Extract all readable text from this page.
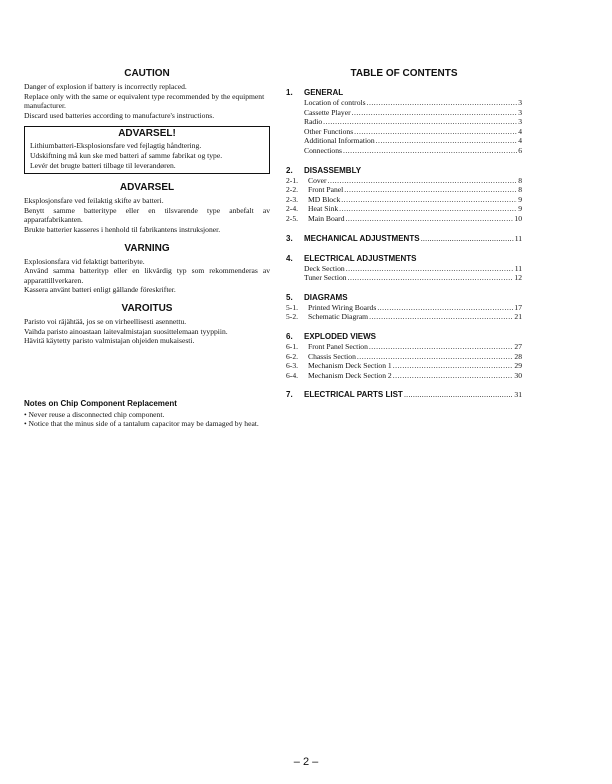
CAUTION

Danger of explosion if battery is incorrectly replaced.

Replace only with the same or equivalent type recommended by the equipment manufacturer.

Discard used batteries according to manufacture's instructions.

ADVARSEL!

Lithiumbatteri-Eksplosionsfare ved fejlagtig håndtering.

Udskiftning må kun ske med batteri af samme fabrikat og type.

Levér det brugte batteri tilbage til leverandøren.

ADVARSEL

Eksplosjonsfare ved feilaktig skifte av batteri.

Benytt samme batteritype eller en tilsvarende type anbefalt av apparatfabrikanten.

Brukte batterier kasseres i henhold til fabrikantens instruksjoner.

VARNING

Explosionsfara vid felaktigt batteribyte.

Använd samma batterityp eller en likvärdig typ som rekommenderas av apparattillverkaren.

Kassera använt batteri enligt gällande föreskrifter.

VAROITUS

Paristo voi räjähtää, jos se on virheellisesti asennettu.

Vaihda paristo ainoastaan laitevalmistajan suosittelemaan tyyppiin.

Hävitä käytetty paristo valmistajan ohjeiden mukaisesti.

Notes on Chip Component Replacement

• Never reuse a disconnected chip component.

• Notice that the minus side of a tantalum capacitor may be damaged by heat.

TABLE OF CONTENTS
1.	GENERAL
Location of controls .....	3
Cassette Player .....	3
Radio .....	3
Other Functions .....	4
Additional Information .....	4
Connections .....	6
2.	DISASSEMBLY
2-1.	Cover .....	8
2-2.	Front Panel .....	8
2-3.	MD Block .....	9
2-4.	Heat Sink .....	9
2-5.	Main Board .....	10
3.	MECHANICAL ADJUSTMENTS .....	11
4.	ELECTRICAL ADJUSTMENTS
Deck Section .....	11
Tuner Section .....	12
5.	DIAGRAMS
5-1.	Printed Wiring Boards .....	17
5-2.	Schematic Diagram .....	21
6.	EXPLODED VIEWS
6-1.	Front Panel Section .....	27
6-2.	Chassis Section .....	28
6-3.	Mechanism Deck Section 1 .....	29
6-4.	Mechanism Deck Section 2 .....	30
7.	ELECTRICAL PARTS LIST .....	31
– 2 –
